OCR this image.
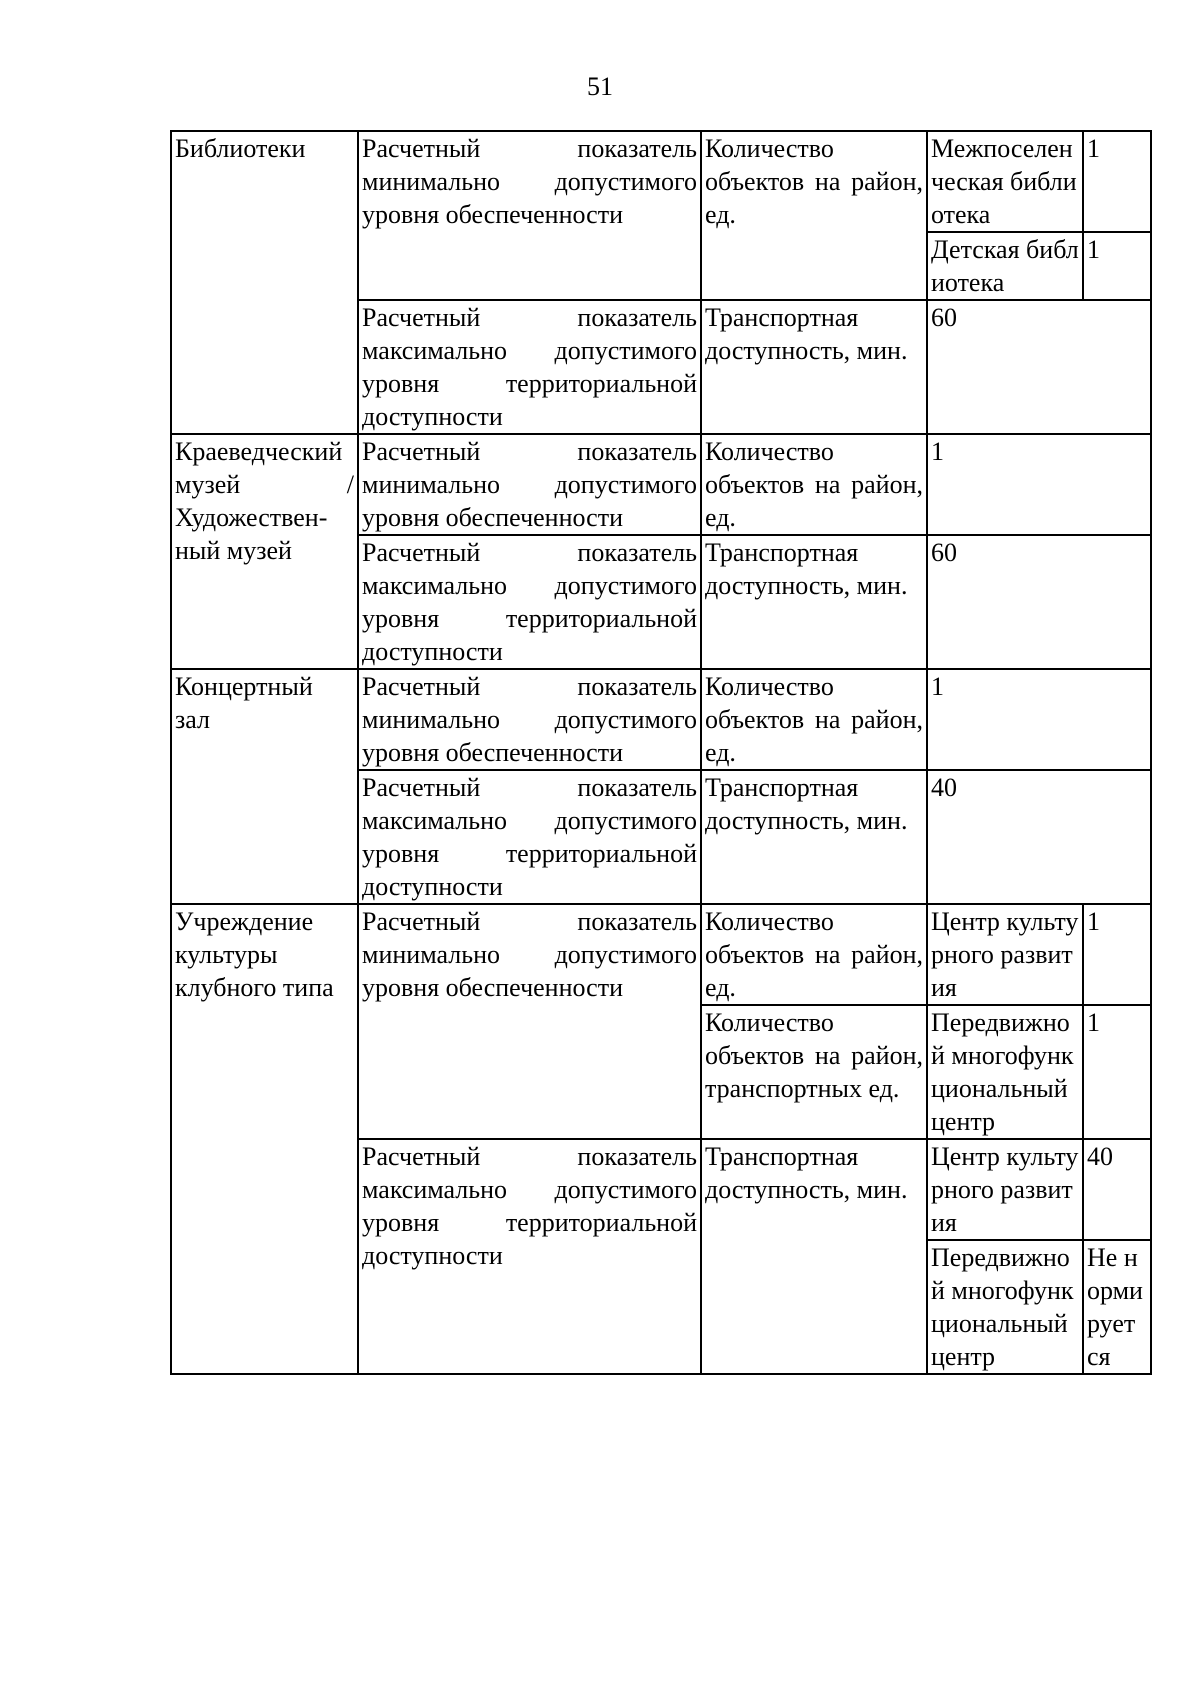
51
Библиотеки	Расчетный показатель минимально допустимого уровня обеспеченности	Количество объектов на район, ед.	Межпоселенческая библиотека	1
			Детская библиотека	1
	Расчетный показатель максимально допустимого уровня территориальной доступности	Транспортная доступность, мин.	60	
Краеведческий музей / Художествен-ный музей	Расчетный показатель минимально допустимого уровня обеспеченности	Количество объектов на район, ед.	1	
	Расчетный показатель максимально допустимого уровня территориальной доступности	Транспортная доступность, мин.	60	
Концертный зал	Расчетный показатель минимально допустимого уровня обеспеченности	Количество объектов на район, ед.	1	
	Расчетный показатель максимально допустимого уровня территориальной доступности	Транспортная доступность, мин.	40	
Учреждение культуры клубного типа	Расчетный показатель минимально допустимого уровня обеспеченности	Количество объектов на район, ед.	Центр культурного развития	1
		Количество объектов на район, транспортных ед.	Передвижной многофункциональный центр	1
	Расчетный показатель максимально допустимого уровня территориальной доступности	Транспортная доступность, мин.	Центр культурного развития	40
			Передвижной многофункциональный центр	Не нормируется
